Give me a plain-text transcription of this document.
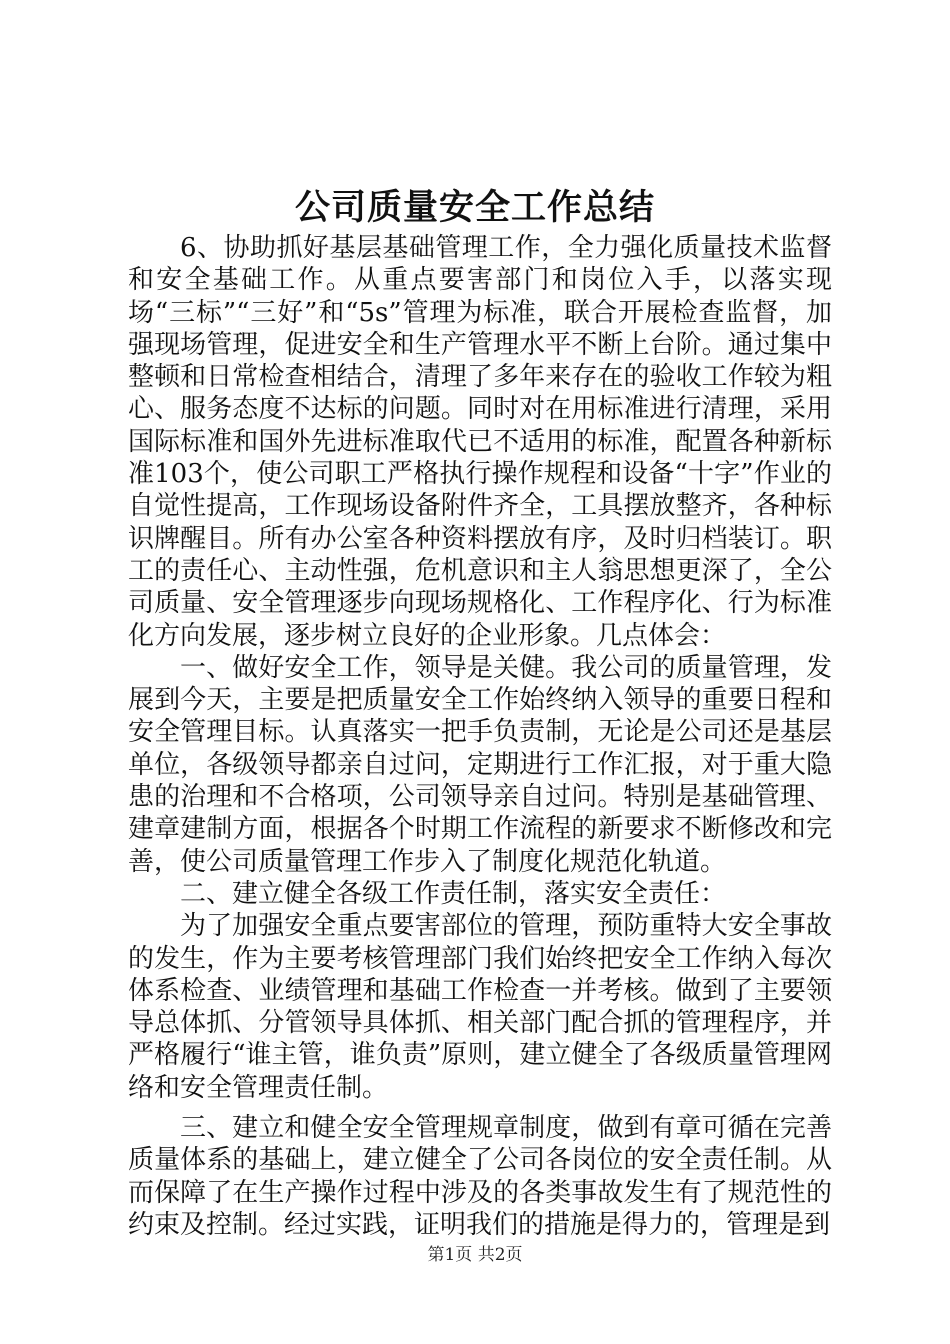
公司质量安全工作总结

6、协助抓好基层基础管理工作，全力强化质量技术监督和安全基础工作。从重点要害部门和岗位入手，以落实现场“三标”“三好”和“5s”管理为标准，联合开展检查监督，加强现场管理，促进安全和生产管理水平不断上台阶。通过集中整顿和日常检查相结合，清理了多年来存在的验收工作较为粗心、服务态度不达标的问题。同时对在用标准进行清理，采用国际标准和国外先进标准取代已不适用的标准，配置各种新标准103个，使公司职工严格执行操作规程和设备“十字”作业的自觉性提高，工作现场设备附件齐全，工具摆放整齐，各种标识牌醒目。所有办公室各种资料摆放有序，及时归档装订。职工的责任心、主动性强，危机意识和主人翁思想更深了，全公司质量、安全管理逐步向现场规格化、工作程序化、行为标准化方向发展，逐步树立良好的企业形象。几点体会：

一、做好安全工作，领导是关健。我公司的质量管理，发展到今天，主要是把质量安全工作始终纳入领导的重要日程和安全管理目标。认真落实一把手负责制，无论是公司还是基层单位，各级领导都亲自过问，定期进行工作汇报，对于重大隐患的治理和不合格项，公司领导亲自过问。特别是基础管理、建章建制方面，根据各个时期工作流程的新要求不断修改和完善，使公司质量管理工作步入了制度化规范化轨道。

二、建立健全各级工作责任制，落实安全责任：

为了加强安全重点要害部位的管理，预防重特大安全事故的发生，作为主要考核管理部门我们始终把安全工作纳入每次体系检查、业绩管理和基础工作检查一并考核。做到了主要领导总体抓、分管领导具体抓、相关部门配合抓的管理程序，并严格履行“谁主管，谁负责”原则，建立健全了各级质量管理网络和安全管理责任制。

三、建立和健全安全管理规章制度，做到有章可循在完善质量体系的基础上，建立健全了公司各岗位的安全责任制。从而保障了在生产操作过程中涉及的各类事故发生有了规范性的约束及控制。经过实践，证明我们的措施是得力的，管理是到

第1页 共2页
